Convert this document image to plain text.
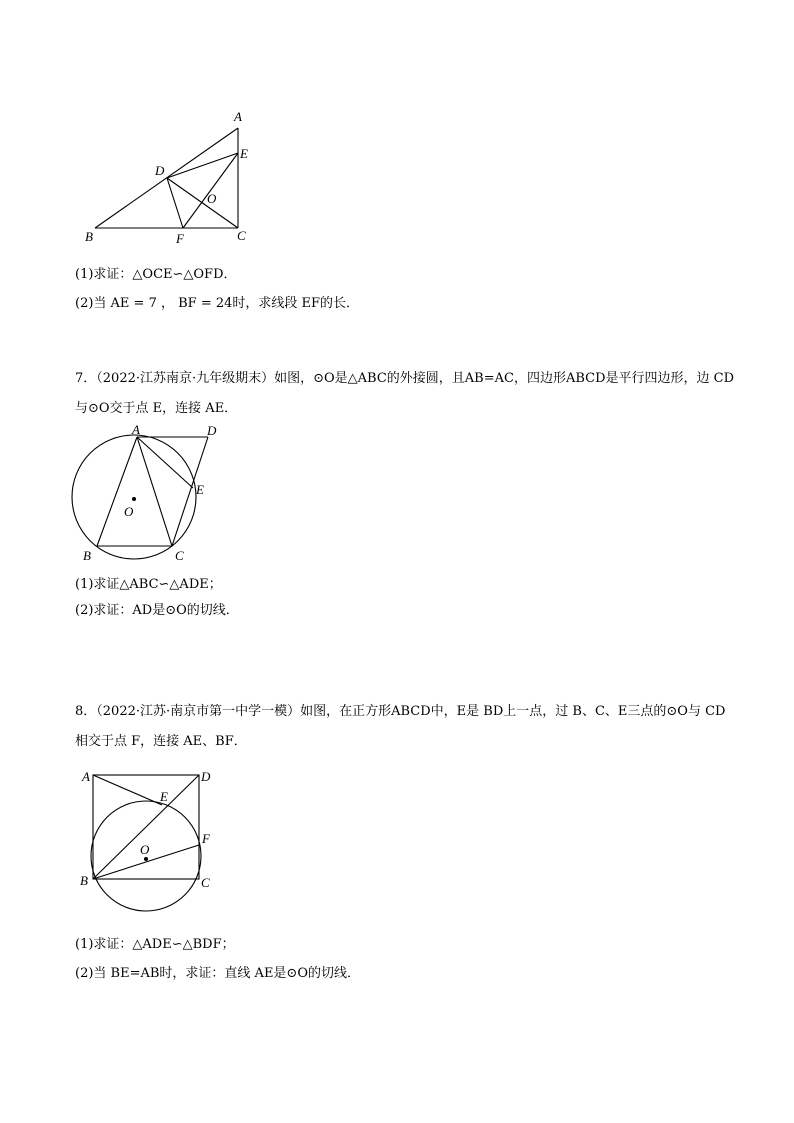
A
B	C
D
E
F
O
(1)求证：△OCE∽△OFD．
(2)当 AE = 7 ， BF = 24时，求线段 EF的长．
7．（2022·江苏南京·九年级期末）如图，⊙O是△ABC的外接圆，且AB=AC，四边形ABCD是平行四边形，边 CD与⊙O交于点 E，连接 AE．
A
B	C
D
E
O
(1)求证△ABC∽△ADE；
(2)求证：AD是⊙O的切线．
8．（2022·江苏·南京市第一中学一模）如图，在正方形ABCD中，E是 BD上一点，过 B、C、E三点的⊙O与 CD相交于点 F，连接 AE、BF．
A
B	C
D
E
F
O
(1)求证：△ADE∽△BDF；
(2)当 BE=AB时，求证：直线 AE是⊙O的切线．
